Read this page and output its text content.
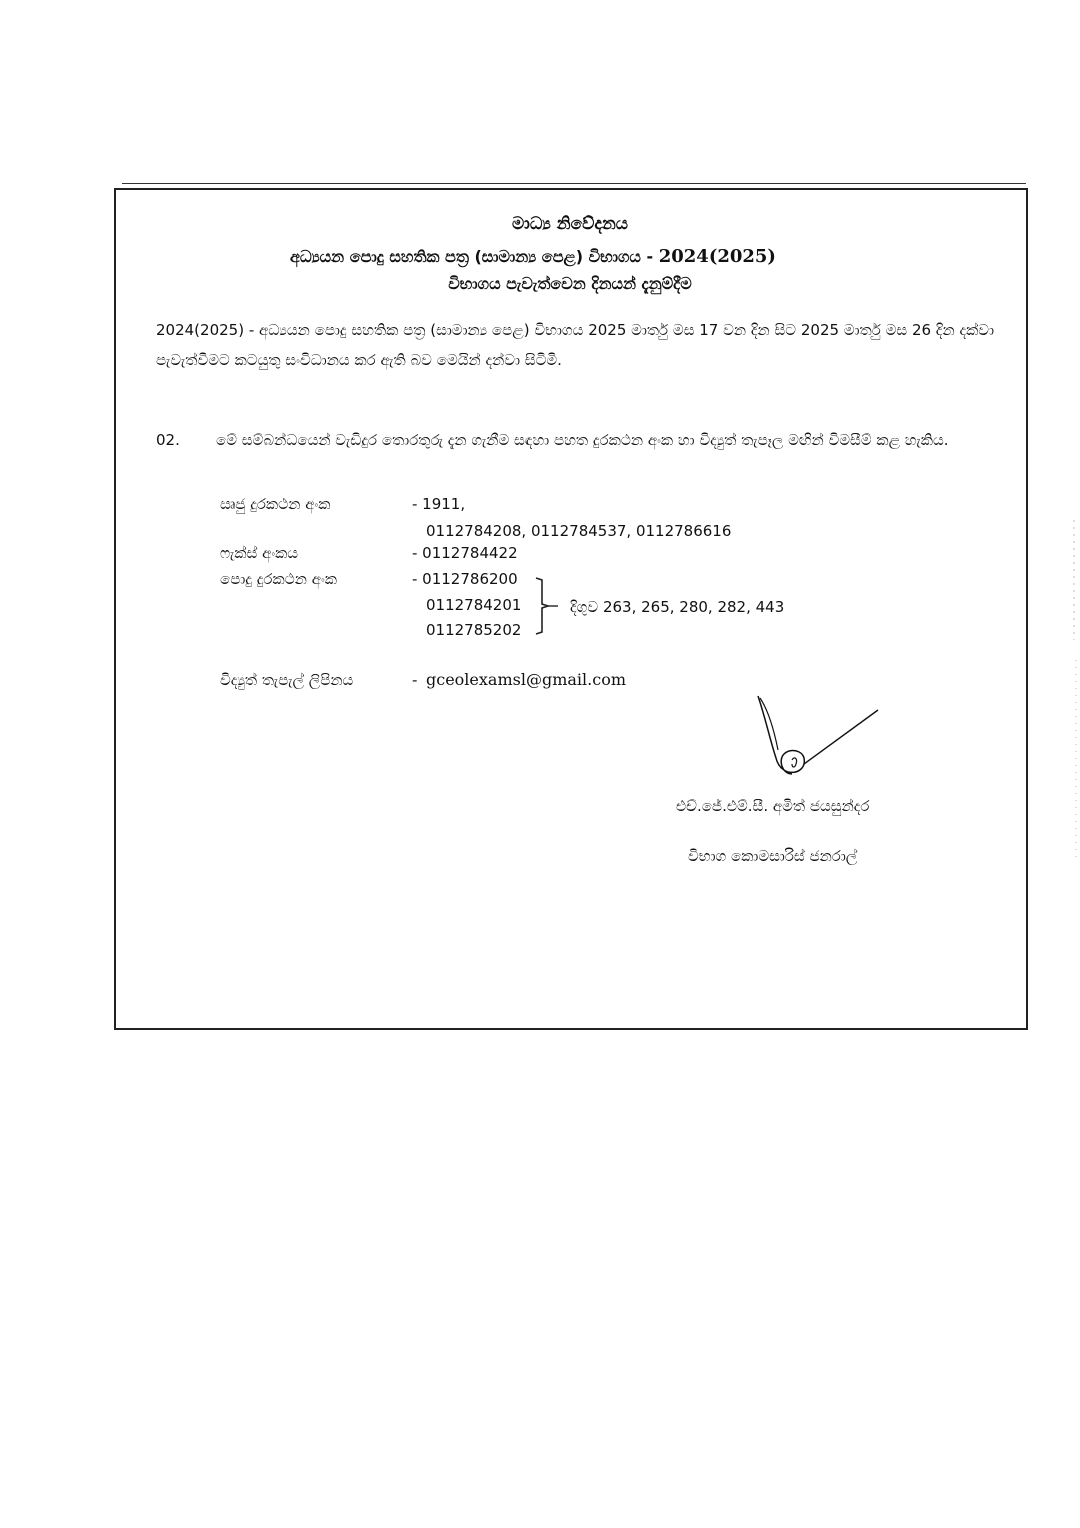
මාධ්‍ය නිවේදනය
අධ්‍යයන පොදු සහතික පත්‍ර (සාමාන්‍ය පෙළ) විභාගය - 2024(2025)
විභාගය පැවැත්වෙන දිනයන් දැනුම්දීම
2024(2025) - අධ්‍යයන පොදු සහතික පත්‍ර (සාමාන්‍ය පෙළ) විභාගය 2025 මාර්තු මස 17 වන දින සිට 2025 මාර්තු මස 26 දින දක්වා පැවැත්වීමට කටයුතු සංවිධානය කර ඇති බව මෙයින් දන්වා සිටිමි.
02. මේ සම්බන්ධයෙන් වැඩිදුර තොරතුරු දැන ගැනීම සඳහා පහත දුරකථන අංක හා විද්‍යුත් තැපෑල මඟින් විමසීම් කළ හැකිය.
ඍජු දුරකථන අංක	- 1911,
0112784208, 0112784537, 0112786616
ෆැක්ස් අංකය	- 0112784422
පොදු දුරකථන අංක	- 0112786200
0112784201
0112785202
දිගුව 263, 265, 280, 282, 443
විද්‍යුත් තැපැල් ලිපිනය	- gceolexamsl@gmail.com
එච්.ජේ.එම්.සී. අමිත් ජයසුන්දර
විභාග කොමසාරිස් ජනරාල්
